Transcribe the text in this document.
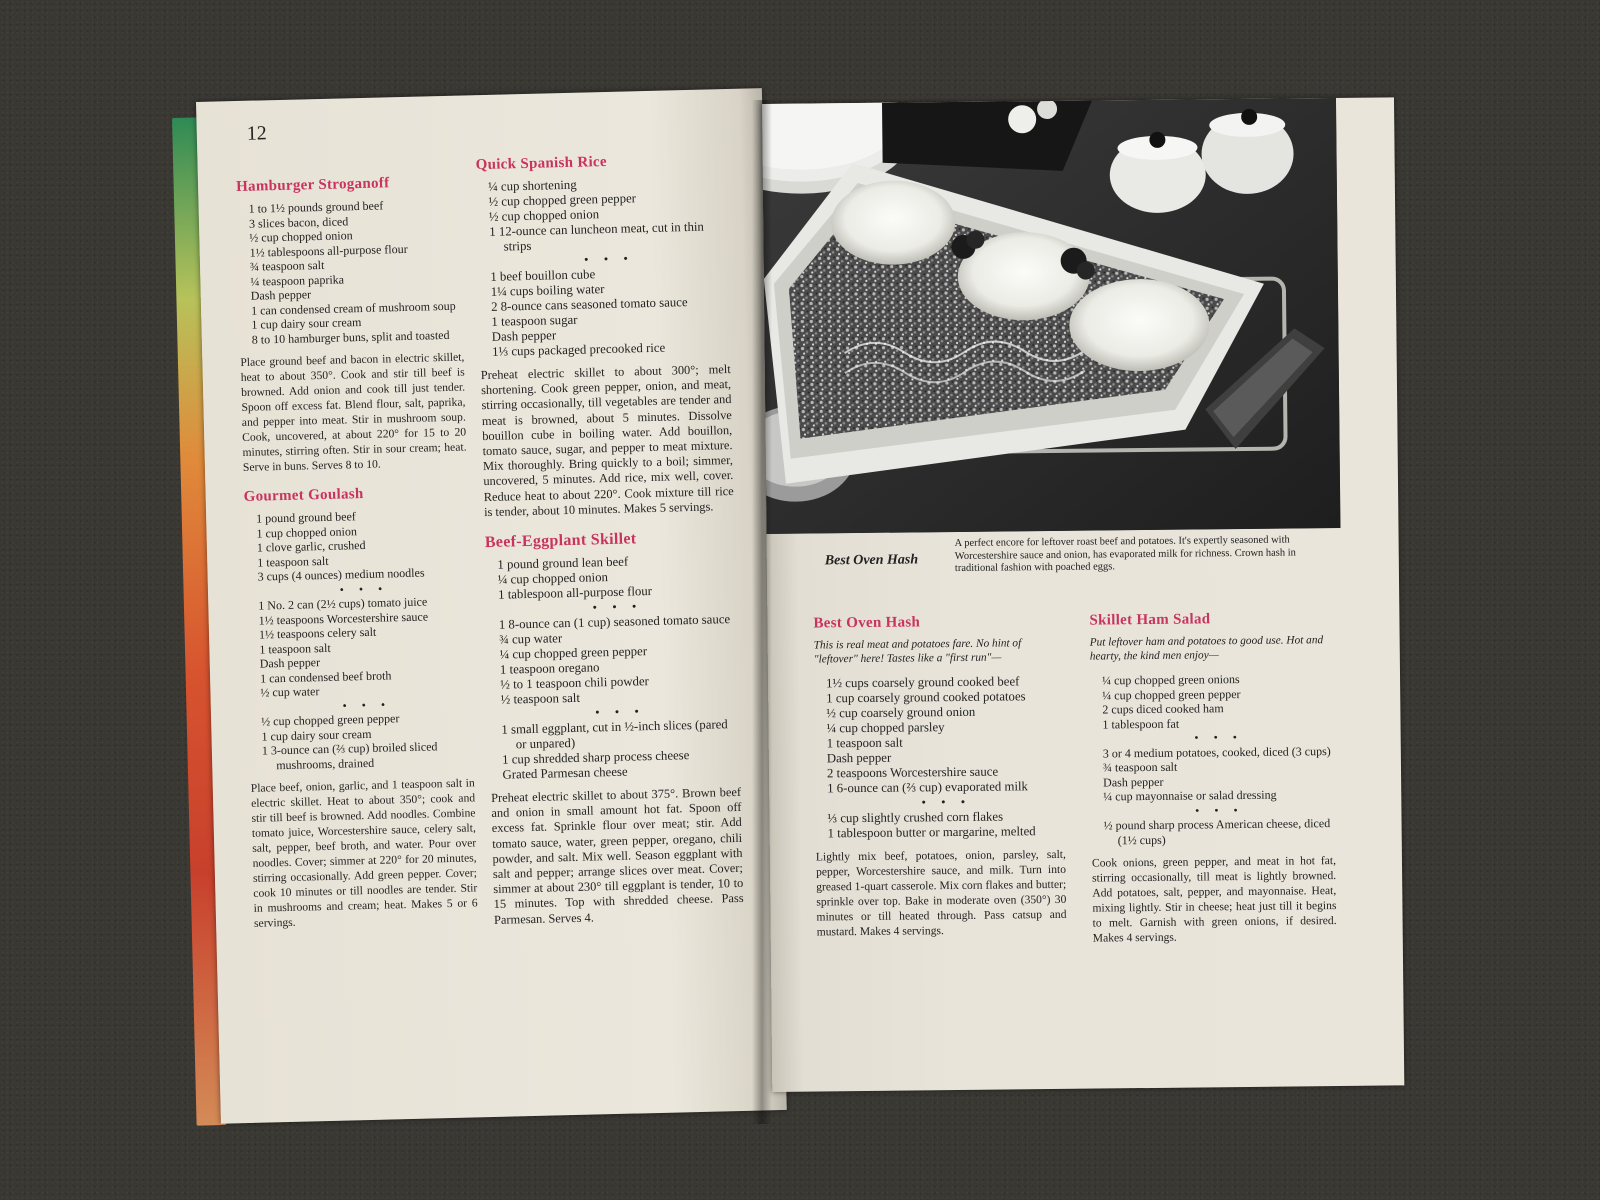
12
Hamburger Stroganoff
1 to 1½ pounds ground beef
3 slices bacon, diced
½ cup chopped onion
1½ tablespoons all-purpose flour
¾ teaspoon salt
¼ teaspoon paprika
Dash pepper
1 can condensed cream of mushroom soup
1 cup dairy sour cream
8 to 10 hamburger buns, split and toasted

Place ground beef and bacon in electric skillet, heat to about 350°. Cook and stir till beef is browned. Add onion and cook till just tender. Spoon off excess fat. Blend flour, salt, paprika, and pepper into meat. Stir in mushroom soup. Cook, uncovered, at about 220° for 15 to 20 minutes, stirring often. Stir in sour cream; heat. Serve in buns. Serves 8 to 10.

Gourmet Goulash
1 pound ground beef
1 cup chopped onion
1 clove garlic, crushed
1 teaspoon salt
3 cups (4 ounces) medium noodles
• • •
1 No. 2 can (2½ cups) tomato juice
1½ teaspoons Worcestershire sauce
1½ teaspoons celery salt
1 teaspoon salt
Dash pepper
1 can condensed beef broth
½ cup water
• • •
½ cup chopped green pepper
1 cup dairy sour cream
1 3-ounce can (⅔ cup) broiled sliced mushrooms, drained

Place beef, onion, garlic, and 1 teaspoon salt in electric skillet. Heat to about 350°; cook and stir till beef is browned. Add noodles. Combine tomato juice, Worcestershire sauce, celery salt, salt, pepper, beef broth, and water. Pour over noodles. Cover; simmer at 220° for 20 minutes, stirring occasionally. Add green pepper. Cover; cook 10 minutes or till noodles are tender. Stir in mushrooms and cream; heat. Makes 5 or 6 servings.

Quick Spanish Rice
¼ cup shortening
½ cup chopped green pepper
½ cup chopped onion
1 12-ounce can luncheon meat, cut in thin strips
• • •
1 beef bouillon cube
1¼ cups boiling water
2 8-ounce cans seasoned tomato sauce
1 teaspoon sugar
Dash pepper
1⅓ cups packaged precooked rice

Preheat electric skillet to about 300°; melt shortening. Cook green pepper, onion, and meat, stirring occasionally, till vegetables are tender and meat is browned, about 5 minutes. Dissolve bouillon cube in boiling water. Add bouillon, tomato sauce, sugar, and pepper to meat mixture. Mix thoroughly. Bring quickly to a boil; simmer, uncovered, 5 minutes. Add rice, mix well, cover. Reduce heat to about 220°. Cook mixture till rice is tender, about 10 minutes. Makes 5 servings.

Beef-Eggplant Skillet
1 pound ground lean beef
¼ cup chopped onion
1 tablespoon all-purpose flour
• • •
1 8-ounce can (1 cup) seasoned tomato sauce
¾ cup water
¼ cup chopped green pepper
1 teaspoon oregano
½ to 1 teaspoon chili powder
½ teaspoon salt
• • •
1 small eggplant, cut in ½-inch slices (pared or unpared)
1 cup shredded sharp process cheese
Grated Parmesan cheese

Preheat electric skillet to about 375°. Brown beef and onion in small amount hot fat. Spoon off excess fat. Sprinkle flour over meat; stir. Add tomato sauce, water, green pepper, oregano, chili powder, and salt. Mix well. Season eggplant with salt and pepper; arrange slices over meat. Cover; simmer at about 230° till eggplant is tender, 10 to 15 minutes. Top with shredded cheese. Pass Parmesan. Serves 4.

Best Oven Hash
A perfect encore for leftover roast beef and potatoes. It's expertly seasoned with Worcestershire sauce and onion, has evaporated milk for richness. Crown hash in traditional fashion with poached eggs.
Best Oven Hash

This is real meat and potatoes fare. No hint of "leftover" here! Tastes like a "first run"—

1½ cups coarsely ground cooked beef
1 cup coarsely ground cooked potatoes
½ cup coarsely ground onion
¼ cup chopped parsley
1 teaspoon salt
Dash pepper
2 teaspoons Worcestershire sauce
1 6-ounce can (⅔ cup) evaporated milk
• • •
⅓ cup slightly crushed corn flakes
1 tablespoon butter or margarine, melted

Lightly mix beef, potatoes, onion, parsley, salt, pepper, Worcestershire sauce, and milk. Turn into greased 1-quart casserole. Mix corn flakes and butter; sprinkle over top. Bake in moderate oven (350°) 30 minutes or till heated through. Pass catsup and mustard. Makes 4 servings.

Skillet Ham Salad

Put leftover ham and potatoes to good use. Hot and hearty, the kind men enjoy—

¼ cup chopped green onions
¼ cup chopped green pepper
2 cups diced cooked ham
1 tablespoon fat
• • •
3 or 4 medium potatoes, cooked, diced (3 cups)
¾ teaspoon salt
Dash pepper
¼ cup mayonnaise or salad dressing
• • •
½ pound sharp process American cheese, diced (1½ cups)

Cook onions, green pepper, and meat in hot fat, stirring occasionally, till meat is lightly browned. Add potatoes, salt, pepper, and mayonnaise. Heat, mixing lightly. Stir in cheese; heat just till it begins to melt. Garnish with green onions, if desired. Makes 4 servings.
